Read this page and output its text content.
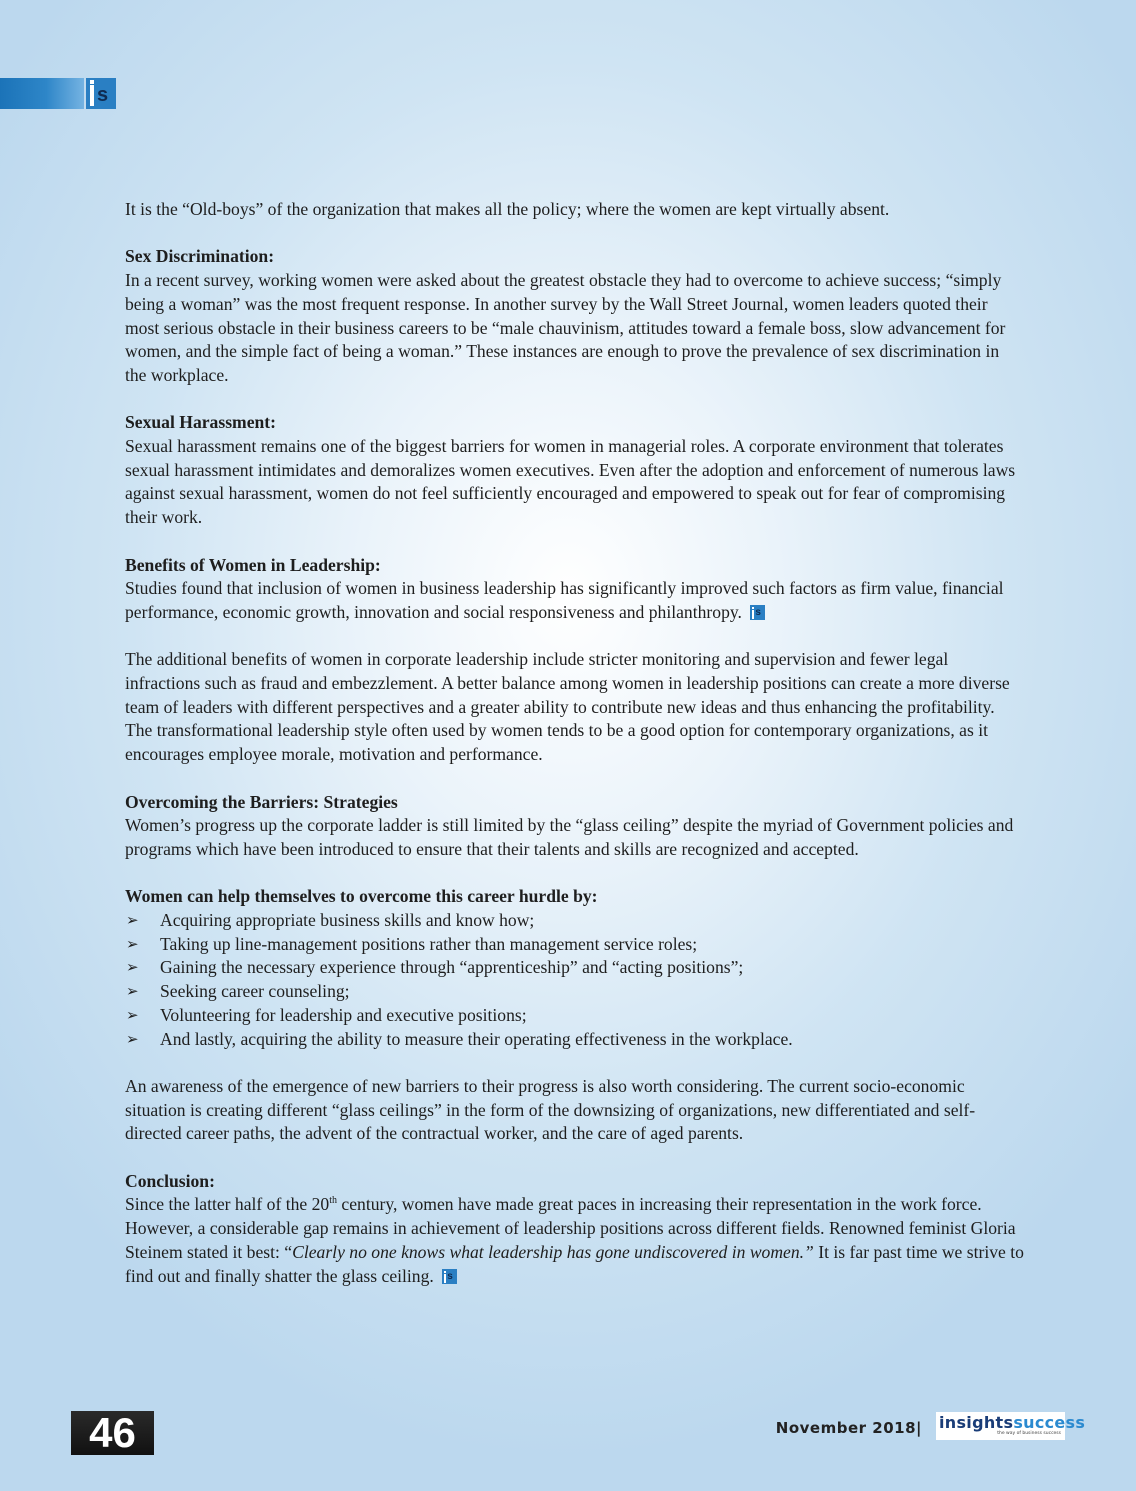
s

It is the “Old-boys” of the organization that makes all the policy; where the women are kept virtually absent.

Sex Discrimination:

In a recent survey, working women were asked about the greatest obstacle they had to overcome to achieve success; “simply being a woman” was the most frequent response. In another survey by the Wall Street Journal, women leaders quoted their most serious obstacle in their business careers to be “male chauvinism, attitudes toward a female boss, slow advancement for women, and the simple fact of being a woman.” These instances are enough to prove the prevalence of sex discrimination in the workplace.

Sexual Harassment:

Sexual harassment remains one of the biggest barriers for women in managerial roles. A corporate environment that tolerates sexual harassment intimidates and demoralizes women executives. Even after the adoption and enforcement of numerous laws against sexual harassment, women do not feel sufficiently encouraged and empowered to speak out for fear of compromising their work.

Benefits of Women in Leadership:

Studies found that inclusion of women in business leadership has significantly improved such factors as firm value, financial performance, economic growth, innovation and social responsiveness and philanthropy. s

The additional benefits of women in corporate leadership include stricter monitoring and supervision and fewer legal infractions such as fraud and embezzlement. A better balance among women in leadership positions can create a more diverse team of leaders with different perspectives and a greater ability to contribute new ideas and thus enhancing the profitability. The transformational leadership style often used by women tends to be a good option for contemporary organizations, as it encourages employee morale, motivation and performance.

Overcoming the Barriers: Strategies

Women’s progress up the corporate ladder is still limited by the “glass ceiling” despite the myriad of Government policies and programs which have been introduced to ensure that their talents and skills are recognized and accepted.

Women can help themselves to overcome this career hurdle by:
➢ Acquiring appropriate business skills and know how;
➢ Taking up line-management positions rather than management service roles;
➢ Gaining the necessary experience through “apprenticeship” and “acting positions”;
➢ Seeking career counseling;
➢ Volunteering for leadership and executive positions;
➢ And lastly, acquiring the ability to measure their operating effectiveness in the workplace.

An awareness of the emergence of new barriers to their progress is also worth considering. The current socio-economic situation is creating different “glass ceilings” in the form of the downsizing of organizations, new differentiated and self-directed career paths, the advent of the contractual worker, and the care of aged parents.

Conclusion:

Since the latter half of the 20th century, women have made great paces in increasing their representation in the work force. However, a considerable gap remains in achievement of leadership positions across different fields. Renowned feminist Gloria Steinem stated it best: “Clearly no one knows what leadership has gone undiscovered in women.” It is far past time we strive to find out and finally shatter the glass ceiling. s

46	November 2018| insightssuccess
the way of business success
